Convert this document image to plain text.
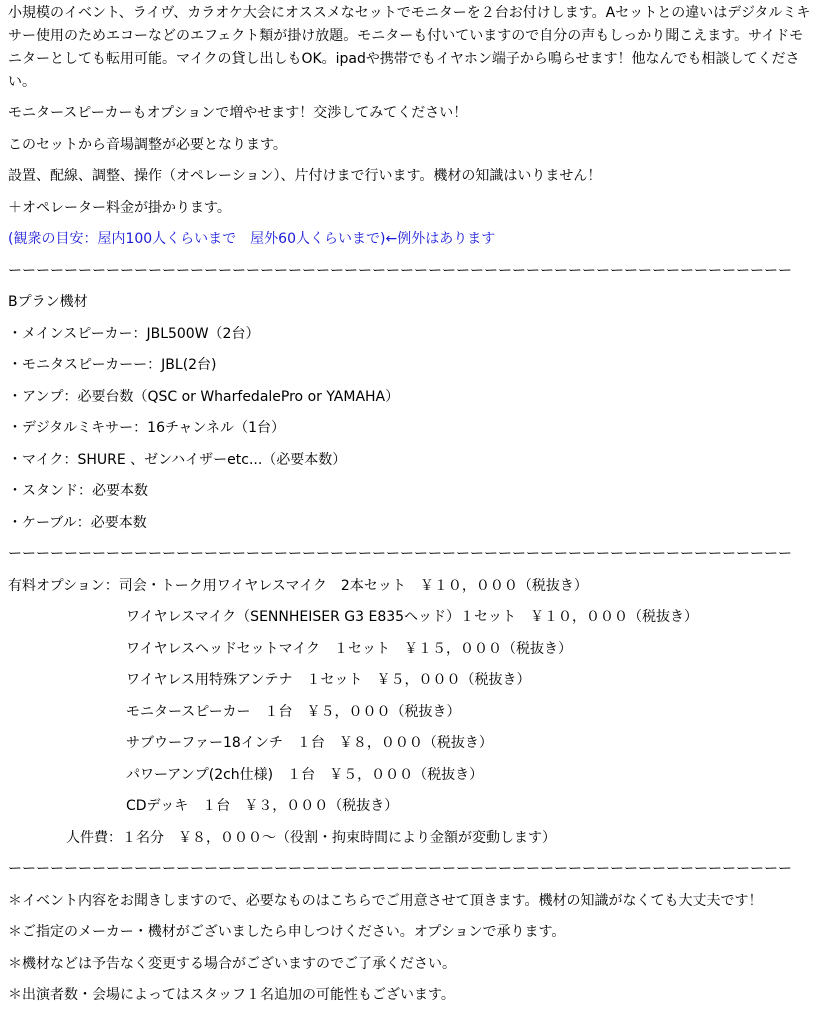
小規模のイベント、ライヴ、カラオケ大会にオススメなセットでモニターを２台お付けします。Aセットとの違いはデジタルミキサー使用のためエコーなどのエフェクト類が掛け放題。モニターも付いていますので自分の声もしっかり聞こえます。サイドモニターとしても転用可能。マイクの貸し出しもOK。ipadや携帯でもイヤホン端子から鳴らせます！他なんでも相談してください。
モニタースピーカーもオプションで増やせます！交渉してみてください！
このセットから音場調整が必要となります。
設置、配線、調整、操作（オペレーション）、片付けまで行います。機材の知識はいりません！
＋オペレーター料金が掛かります。
(観衆の目安：屋内100人くらいまで　屋外60人くらいまで)←例外はあります
ーーーーーーーーーーーーーーーーーーーーーーーーーーーーーーーーーーーーーーーーーーーーーーーーーーーーーーーー
Bプラン機材
・メインスピーカー：JBL500W（2台）
・モニタスピーカーー：JBL(2台)
・アンプ：必要台数（QSC or WharfedalePro or YAMAHA）
・デジタルミキサー：16チャンネル（1台）
・マイク：SHURE 、ゼンハイザーetc...（必要本数）
・スタンド：必要本数
・ケーブル：必要本数
ーーーーーーーーーーーーーーーーーーーーーーーーーーーーーーーーーーーーーーーーーーーーーーーーーーーーーーーー
有料オプション：司会・トーク用ワイヤレスマイク　2本セット　￥１０，０００（税抜き）
ワイヤレスマイク（SENNHEISER G3 E835ヘッド）１セット　￥１０，０００（税抜き）
ワイヤレスヘッドセットマイク　１セット　￥１５，０００（税抜き）
ワイヤレス用特殊アンテナ　１セット　￥５，０００（税抜き）
モニタースピーカー　１台　￥５，０００（税抜き）
サブウーファー18インチ　１台　￥８，０００（税抜き）
パワーアンプ(2ch仕様)　１台　￥５，０００（税抜き）
CDデッキ　１台　￥３，０００（税抜き）
人件費：１名分　￥８，０００～（役割・拘束時間により金額が変動します）
ーーーーーーーーーーーーーーーーーーーーーーーーーーーーーーーーーーーーーーーーーーーーーーーーーーーーーーーー
＊イベント内容をお聞きしますので、必要なものはこちらでご用意させて頂きます。機材の知識がなくても大丈夫です！
＊ご指定のメーカー・機材がございましたら申しつけください。オプションで承ります。
＊機材などは予告なく変更する場合がございますのでご了承ください。
＊出演者数・会場によってはスタッフ１名追加の可能性もございます。
